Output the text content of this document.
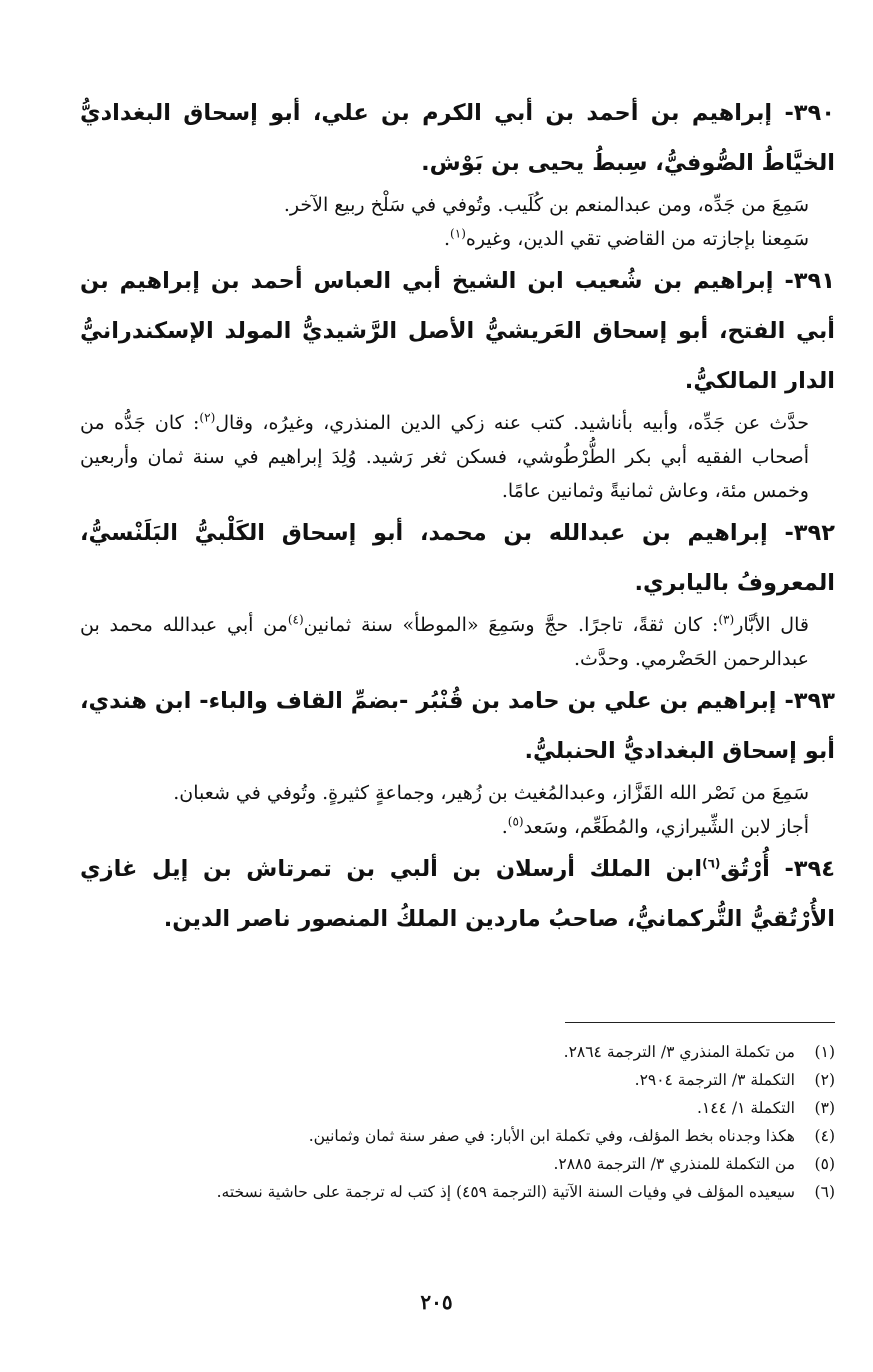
٣٩٠- إبراهيم بن أحمد بن أبي الكرم بن علي، أبو إسحاق البغداديُّ الخيَّاطُ الصُّوفيُّ، سِبطُ يحيى بن بَوْش.

سَمِعَ من جَدِّه، ومن عبدالمنعم بن كُلَيب. وتُوفي في سَلْخ ربيع الآخر.

سَمِعنا بإجازته من القاضي تقي الدين، وغيره$^{(١)}$.

٣٩١- إبراهيم بن شُعيب ابن الشيخ أبي العباس أحمد بن إبراهيم بن أبي الفتح، أبو إسحاق العَريشيُّ الأصل الرَّشيديُّ المولد الإسكندرانيُّ الدار المالكيُّ.

حدَّث عن جَدِّه، وأبيه بأناشيد. كتب عنه زكي الدين المنذري، وغيرُه، وقال$^{(٢)}$: كان جَدُّه من أصحاب الفقيه أبي بكر الطُّرْطُوشي، فسكن ثغر رَشيد. وُلِدَ إبراهيم في سنة ثمان وأربعين وخمس مئة، وعاش ثمانيةً وثمانين عامًا.

٣٩٢- إبراهيم بن عبدالله بن محمد، أبو إسحاق الكَلْبيُّ البَلَنْسيُّ، المعروفُ باليابري.

قال الأبَّار$^{(٣)}$: كان ثقةً، تاجرًا. حجَّ وسَمِعَ «الموطأ» سنة ثمانين$^{(٤)}$من أبي عبدالله محمد بن عبدالرحمن الحَضْرمي. وحدَّث.

٣٩٣- إبراهيم بن علي بن حامد بن قُنْبُر -بضمِّ القاف والباء- ابن هندي، أبو إسحاق البغداديُّ الحنبليُّ.

سَمِعَ من نَصْر الله القَزَّاز، وعبدالمُغيث بن زُهير، وجماعةٍ كثيرةٍ. وتُوفي في شعبان.

أجاز لابن الشِّيرازي، والمُطَعِّم، وسَعد$^{(٥)}$.

٣٩٤- أُرْتُق$^{(٦)}$ابن الملك أرسلان بن ألبي بن تمرتاش بن إيل غازي الأُرْتُقيُّ التُّركمانيُّ، صاحبُ ماردين الملكُ المنصور ناصر الدين.

(١)
من تكملة المنذري ٣/ الترجمة ٢٨٦٤.
(٢)
التكملة ٣/ الترجمة ٢٩٠٤.
(٣)
التكملة ١/ ١٤٤.
(٤)
هكذا وجدناه بخط المؤلف، وفي تكملة ابن الأبار: في صفر سنة ثمان وثمانين.
(٥)
من التكملة للمنذري ٣/ الترجمة ٢٨٨٥.
(٦)
سيعيده المؤلف في وفيات السنة الآتية (الترجمة ٤٥٩) إذ كتب له ترجمة على حاشية نسخته.
٢٠٥
